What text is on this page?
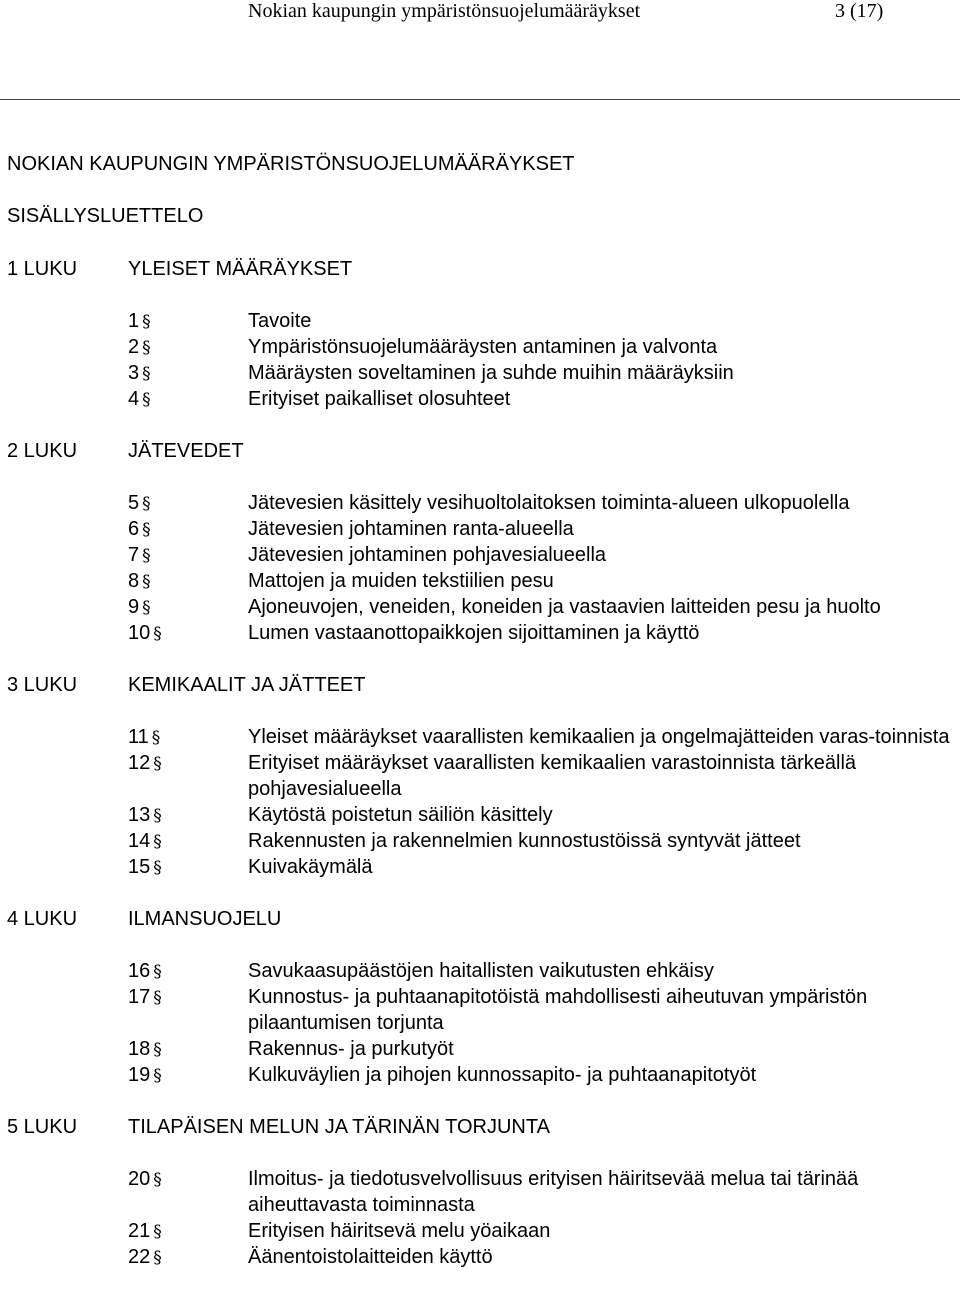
Nokian kaupungin ympäristönsuojelumääräykset	3 (17)
NOKIAN KAUPUNGIN YMPÄRISTÖNSUOJELUMÄÄRÄYKSET
SISÄLLYSLUETTELO
1 LUKU	YLEISET MÄÄRÄYKSET
1 §	Tavoite
2 §	Ympäristönsuojelumääräysten antaminen ja valvonta
3 §	Määräysten soveltaminen ja suhde muihin määräyksiin
4 §	Erityiset paikalliset olosuhteet
2 LUKU	JÄTEVEDET
5 §	Jätevesien käsittely vesihuoltolaitoksen toiminta-alueen ulkopuolella
6 §	Jätevesien johtaminen ranta-alueella
7 §	Jätevesien johtaminen pohjavesialueella
8 §	Mattojen ja muiden tekstiilien pesu
9 §	Ajoneuvojen, veneiden, koneiden ja vastaavien laitteiden pesu ja huolto
10 §	Lumen vastaanottopaikkojen sijoittaminen ja käyttö
3 LUKU	KEMIKAALIT JA JÄTTEET
11 §	Yleiset määräykset vaarallisten kemikaalien ja ongelmajätteiden varas-toinnista
12 §	Erityiset määräykset vaarallisten kemikaalien varastoinnista tärkeällä pohjavesialueella
13 §	Käytöstä poistetun säiliön käsittely
14 §	Rakennusten ja rakennelmien kunnostustöissä syntyvät jätteet
15 §	Kuivakäymälä
4 LUKU	ILMANSUOJELU
16 §	Savukaasupäästöjen haitallisten vaikutusten ehkäisy
17 §	Kunnostus- ja puhtaanapitotöistä mahdollisesti aiheutuvan ympäristön pilaantumisen torjunta
18 §	Rakennus- ja purkutyöt
19 §	Kulkuväylien ja pihojen kunnossapito- ja puhtaanapitotyöt
5 LUKU	TILAPÄISEN MELUN JA TÄRINÄN TORJUNTA
20 §	Ilmoitus- ja tiedotusvelvollisuus erityisen häiritsevää melua tai tärinää aiheuttavasta toiminnasta
21 §	Erityisen häiritsevä melu yöaikaan
22 §	Äänentoistolaitteiden käyttö
